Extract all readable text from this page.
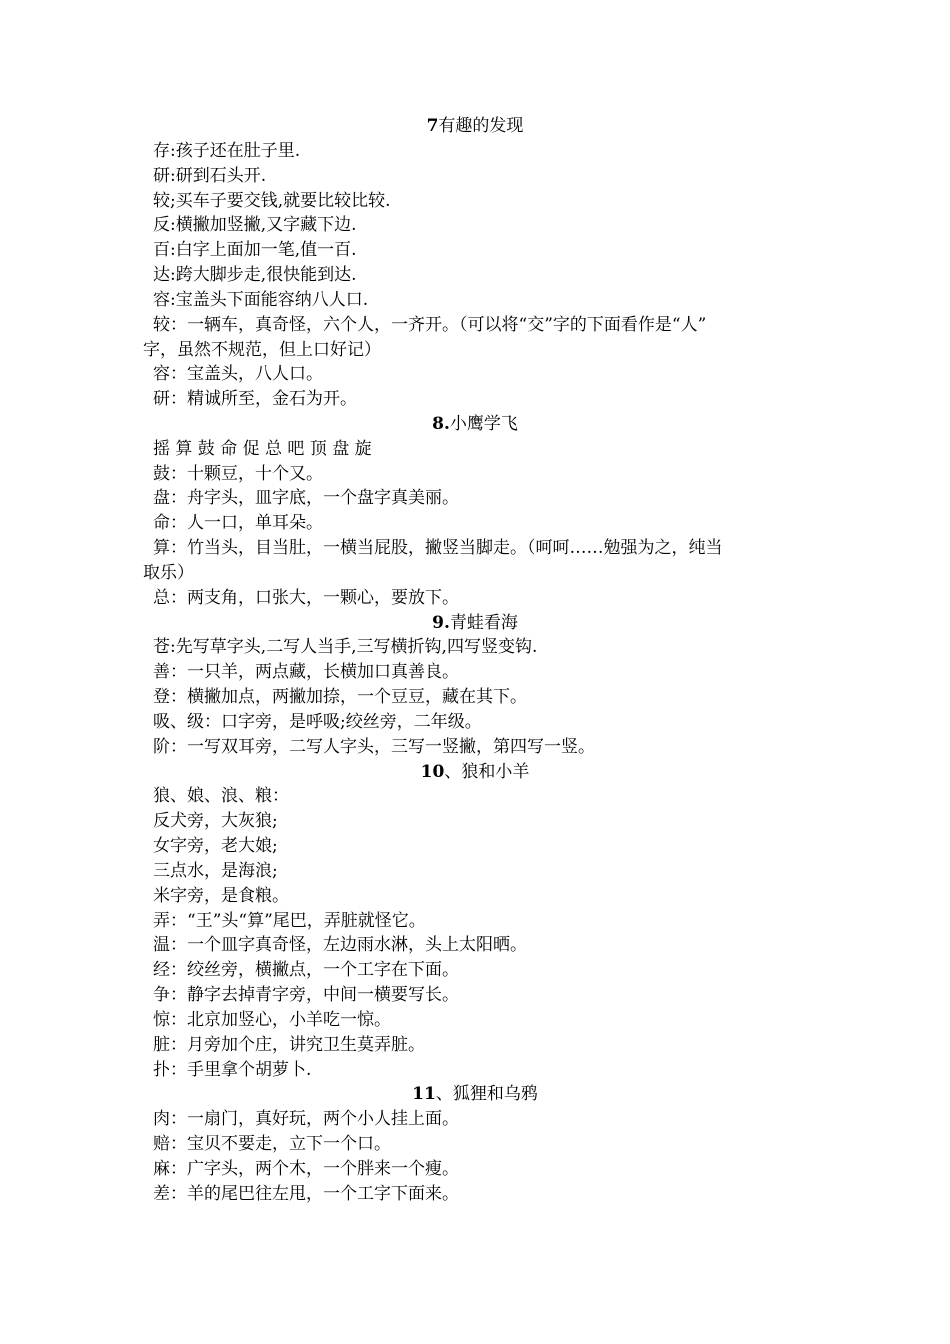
7有趣的发现
存:孩子还在肚子里.
研:研到石头开.
较;买车子要交钱,就要比较比较.
反:横撇加竖撇,又字藏下边.
百:白字上面加一笔,值一百.
达:跨大脚步走,很快能到达.
容:宝盖头下面能容纳八人口.
较：一辆车，真奇怪，六个人，一齐开。（可以将“交”字的下面看作是“人”
字，虽然不规范，但上口好记）
容：宝盖头，八人口。
研：精诚所至，金石为开。
8.小鹰学飞
摇 算 鼓 命 促 总 吧 顶 盘 旋
鼓：十颗豆，十个又。
盘：舟字头，皿字底，一个盘字真美丽。
命：人一口，单耳朵。
算：竹当头，目当肚，一横当屁股，撇竖当脚走。（呵呵……勉强为之，纯当
取乐）
总：两支角，口张大，一颗心，要放下。
9.青蛙看海
苍:先写草字头,二写人当手,三写横折钩,四写竖变钩.
善：一只羊，两点藏，长横加口真善良。
登：横撇加点，两撇加捺，一个豆豆，藏在其下。
吸、级：口字旁，是呼吸;绞丝旁，二年级。
阶：一写双耳旁，二写人字头，三写一竖撇，第四写一竖。
10、狼和小羊
狼、娘、浪、粮：
反犬旁，大灰狼;
女字旁，老大娘;
三点水，是海浪;
米字旁，是食粮。
弄：“王”头“算”尾巴，弄脏就怪它。
温：一个皿字真奇怪，左边雨水淋，头上太阳晒。
经：绞丝旁，横撇点，一个工字在下面。
争：静字去掉青字旁，中间一横要写长。
惊：北京加竖心，小羊吃一惊。
脏：月旁加个庄，讲究卫生莫弄脏。
扑：手里拿个胡萝卜.
11、狐狸和乌鸦
肉：一扇门，真好玩，两个小人挂上面。
赔：宝贝不要走，立下一个口。
麻：广字头，两个木，一个胖来一个瘦。
差：羊的尾巴往左甩，一个工字下面来。
